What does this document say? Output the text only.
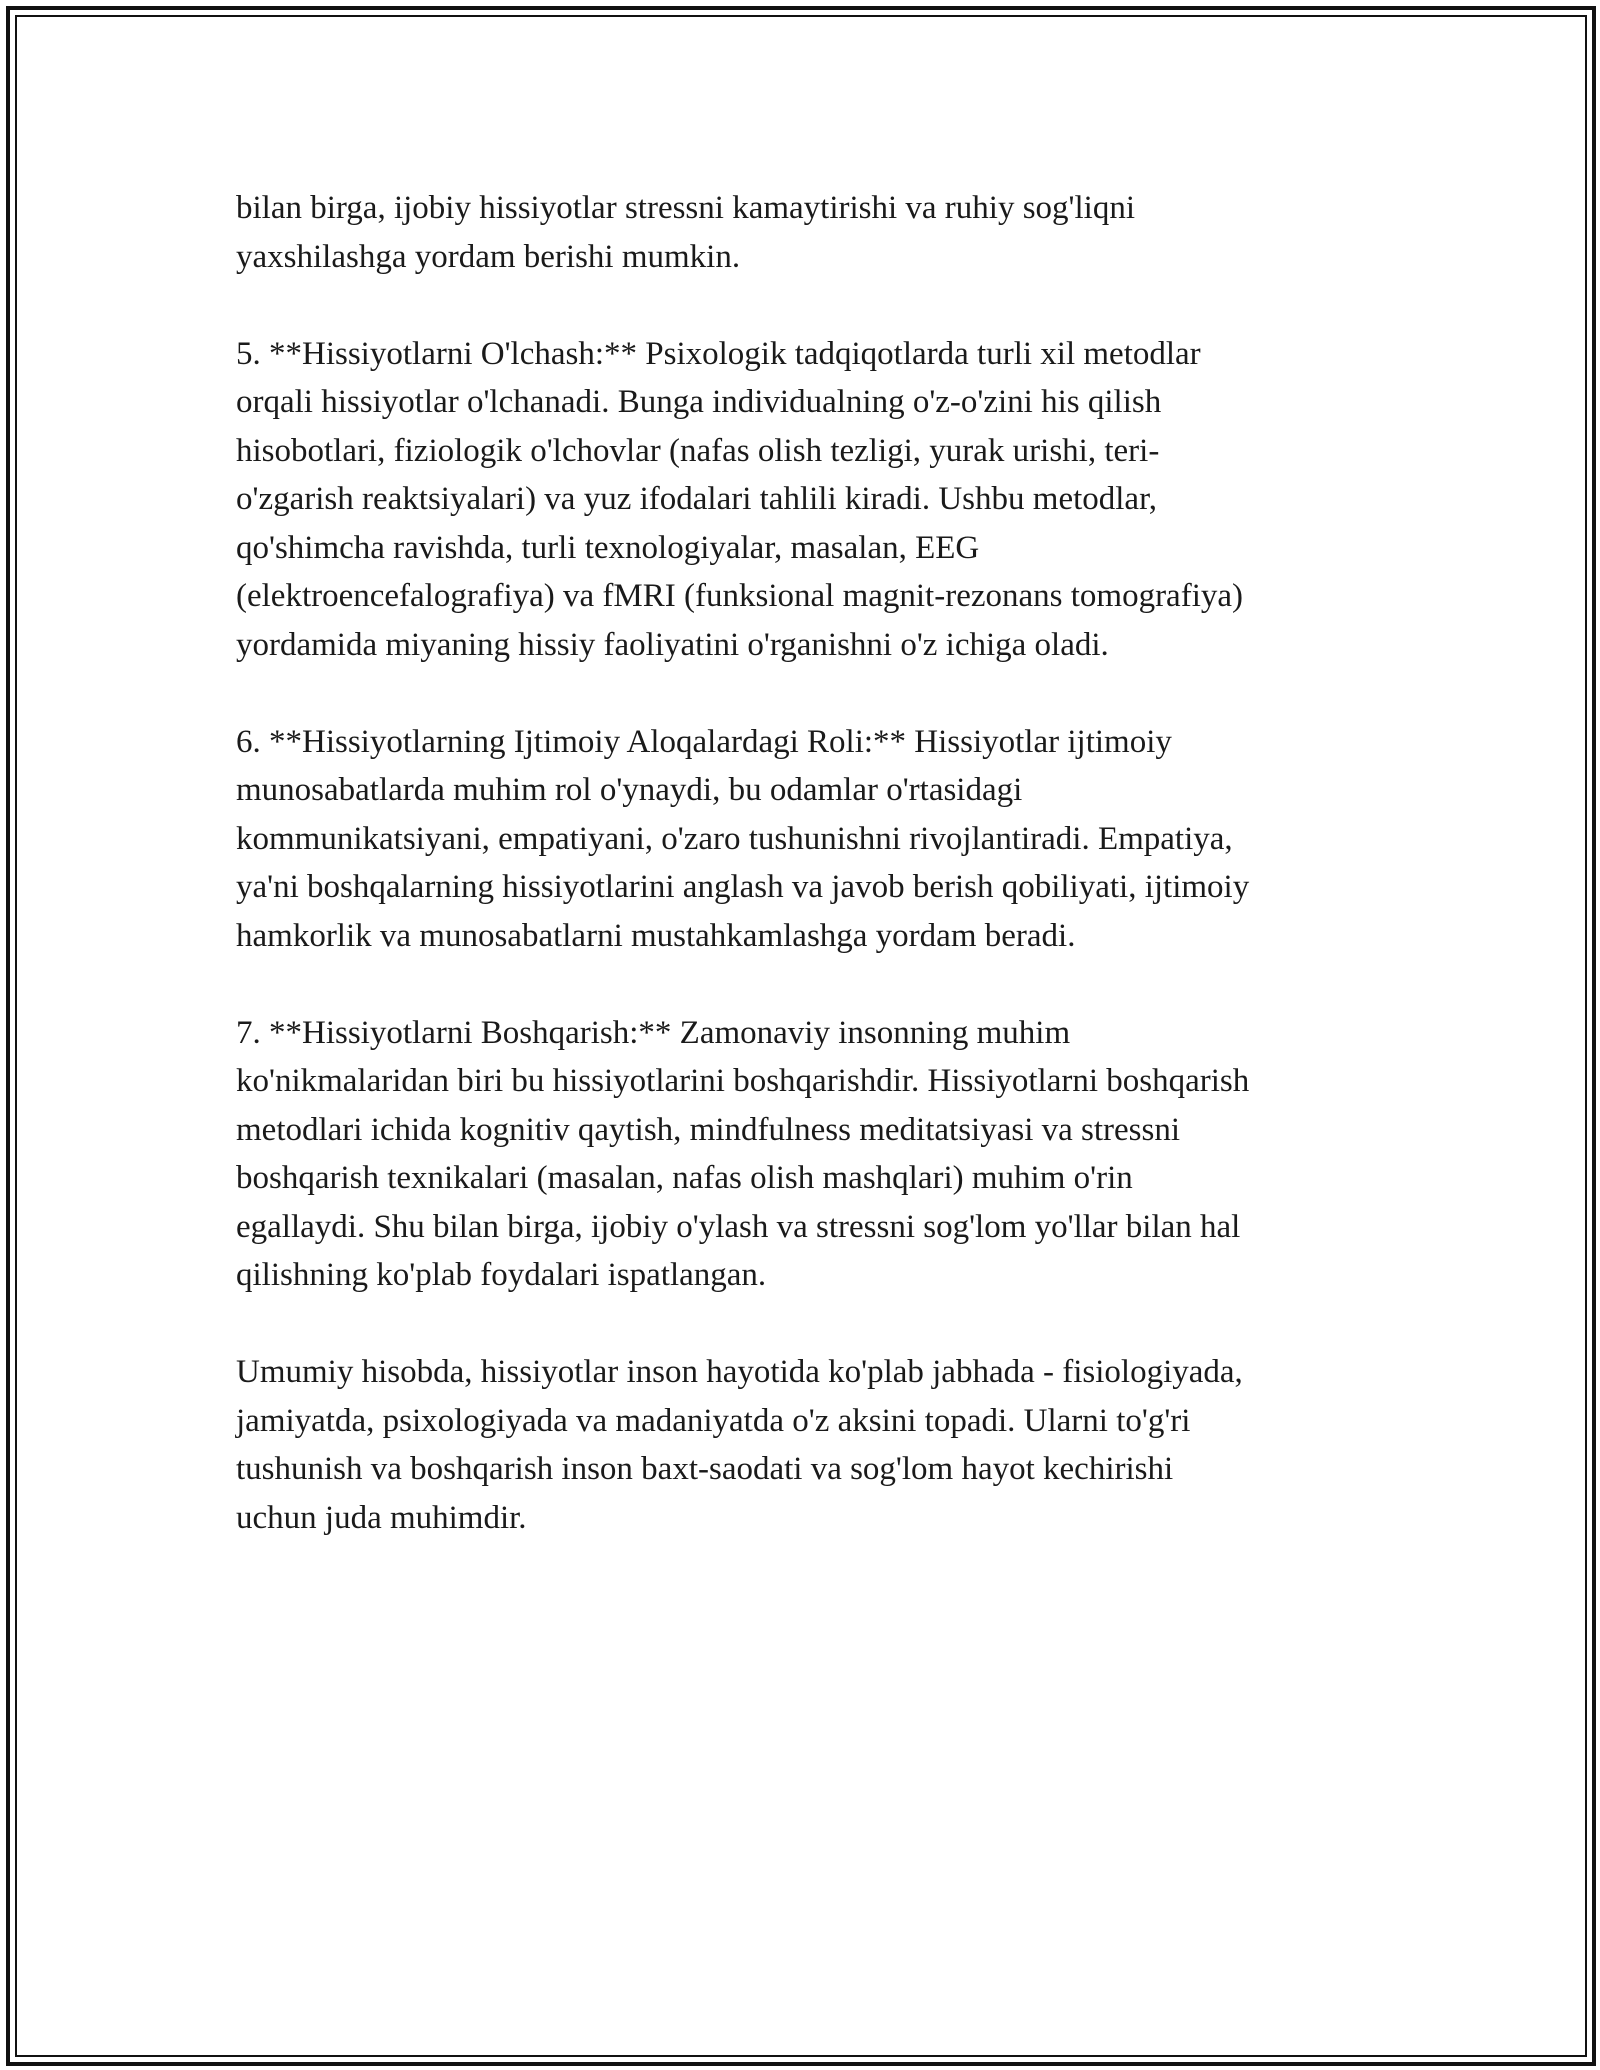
bilan birga, ijobiy hissiyotlar stressni kamaytirishi va ruhiy sog'liqni
yaxshilashga yordam berishi mumkin.
5. **Hissiyotlarni O'lchash:** Psixologik tadqiqotlarda turli xil metodlar
orqali hissiyotlar o'lchanadi. Bunga individualning o'z-o'zini his qilish
hisobotlari, fiziologik o'lchovlar (nafas olish tezligi, yurak urishi, teri-
o'zgarish reaktsiyalari) va yuz ifodalari tahlili kiradi. Ushbu metodlar,
qo'shimcha ravishda, turli texnologiyalar, masalan, EEG
(elektroencefalografiya) va fMRI (funksional magnit-rezonans tomografiya)
yordamida miyaning hissiy faoliyatini o'rganishni o'z ichiga oladi.
6. **Hissiyotlarning Ijtimoiy Aloqalardagi Roli:** Hissiyotlar ijtimoiy
munosabatlarda muhim rol o'ynaydi, bu odamlar o'rtasidagi
kommunikatsiyani, empatiyani, o'zaro tushunishni rivojlantiradi. Empatiya,
ya'ni boshqalarning hissiyotlarini anglash va javob berish qobiliyati, ijtimoiy
hamkorlik va munosabatlarni mustahkamlashga yordam beradi.
7. **Hissiyotlarni Boshqarish:** Zamonaviy insonning muhim
ko'nikmalaridan biri bu hissiyotlarini boshqarishdir. Hissiyotlarni boshqarish
metodlari ichida kognitiv qaytish, mindfulness meditatsiyasi va stressni
boshqarish texnikalari (masalan, nafas olish mashqlari) muhim o'rin
egallaydi. Shu bilan birga, ijobiy o'ylash va stressni sog'lom yo'llar bilan hal
qilishning ko'plab foydalari ispatlangan.
Umumiy hisobda, hissiyotlar inson hayotida ko'plab jabhada - fisiologiyada,
jamiyatda, psixologiyada va madaniyatda o'z aksini topadi. Ularni to'g'ri
tushunish va boshqarish inson baxt-saodati va sog'lom hayot kechirishi
uchun juda muhimdir.
